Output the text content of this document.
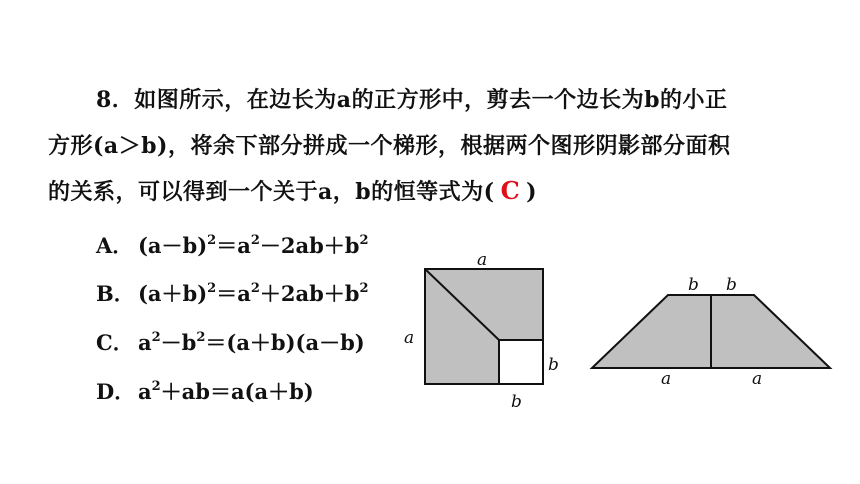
8．如图所示，在边长为a的正方形中，剪去一个边长为b的小正
方形(a＞b)，将余下部分拼成一个梯形，根据两个图形阴影部分面积
的关系，可以得到一个关于a，b的恒等式为( C )
A． $(a-b)^2=a^2-2ab+b^2$
B． $(a+b)^2=a^2+2ab+b^2$
C． $a^2-b^2=(a+b)(a-b)$
D． $a^2+ab=a(a+b)$
a
a
b
b
b b
a	a
